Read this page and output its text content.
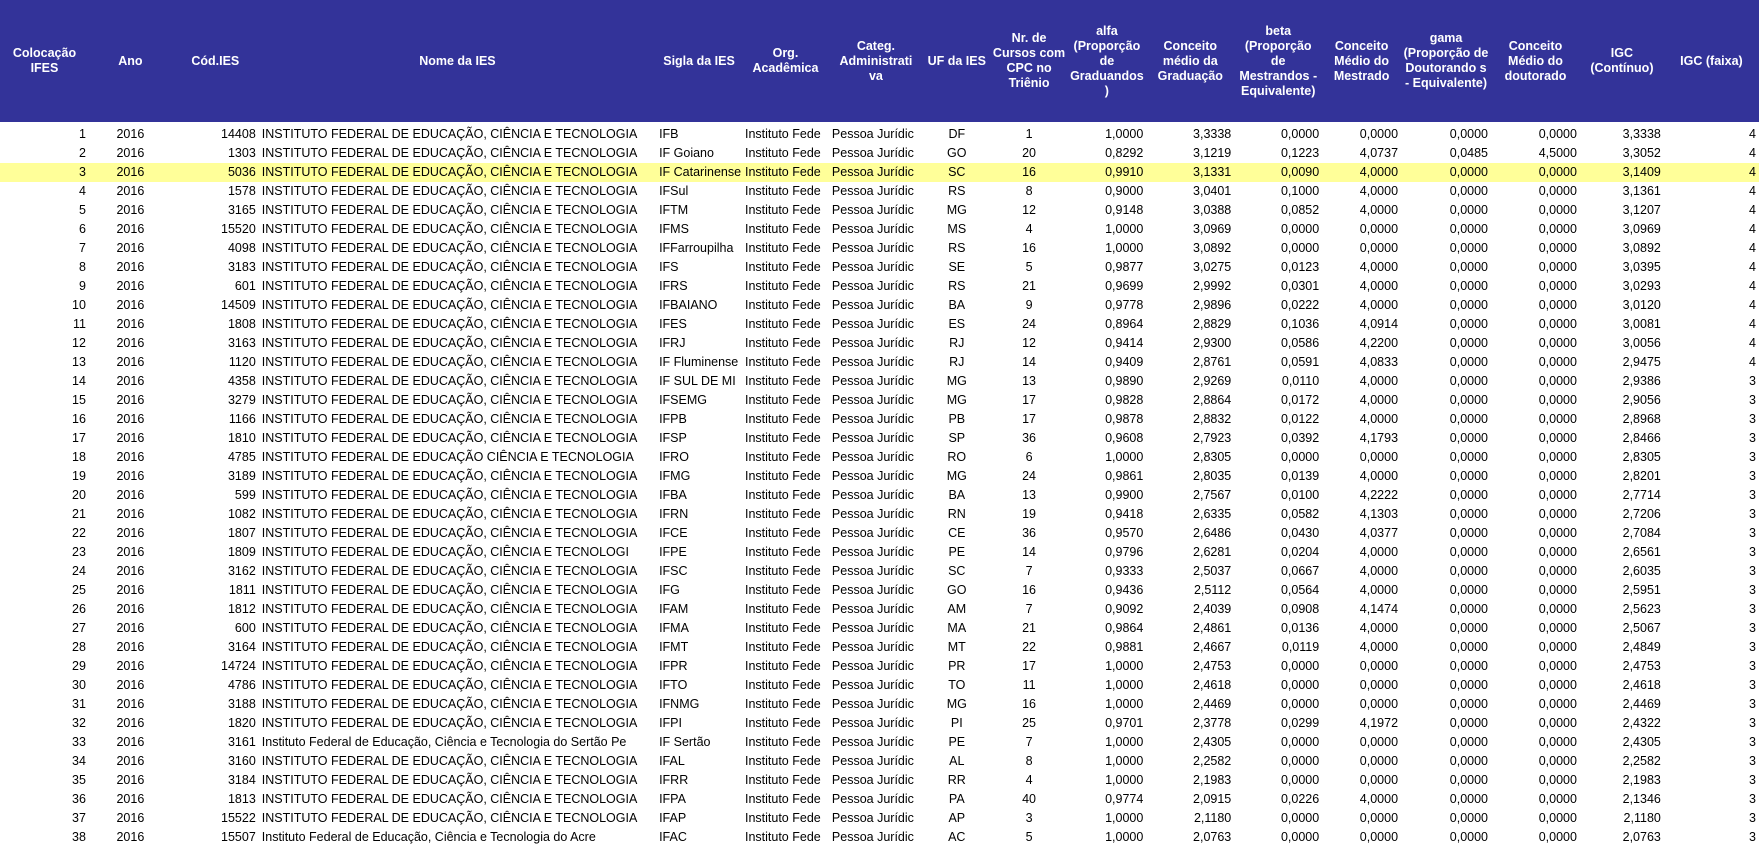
Colocação IFES	Ano	Cód.IES	Nome da IES	Sigla da IES	Org. Acadêmica	Categ. Administrati va	UF da IES	Nr. de Cursos com CPC no Triênio	alfa (Proporção de Graduandos )	Conceito médio da Graduação	beta (Proporção de Mestrandos - Equivalente)	Conceito Médio do Mestrado	gama (Proporção de Doutorando s - Equivalente)	Conceito Médio do doutorado	IGC (Contínuo)	IGC (faixa)

1	2016	14408	INSTITUTO FEDERAL DE EDUCAÇÃO, CIÊNCIA E TECNOLOGIA	IFB	Instituto Fede	Pessoa Jurídic	DF	1	1,0000	3,3338	0,0000	0,0000	0,0000	0,0000	3,3338	4
2	2016	1303	INSTITUTO FEDERAL DE EDUCAÇÃO, CIÊNCIA E TECNOLOGIA	IF Goiano	Instituto Fede	Pessoa Jurídic	GO	20	0,8292	3,1219	0,1223	4,0737	0,0485	4,5000	3,3052	4
3	2016	5036	INSTITUTO FEDERAL DE EDUCAÇÃO, CIÊNCIA E TECNOLOGIA	IF Catarinense	Instituto Fede	Pessoa Jurídic	SC	16	0,9910	3,1331	0,0090	4,0000	0,0000	0,0000	3,1409	4
4	2016	1578	INSTITUTO FEDERAL DE EDUCAÇÃO, CIÊNCIA E TECNOLOGIA	IFSul	Instituto Fede	Pessoa Jurídic	RS	8	0,9000	3,0401	0,1000	4,0000	0,0000	0,0000	3,1361	4
5	2016	3165	INSTITUTO FEDERAL DE EDUCAÇÃO, CIÊNCIA E TECNOLOGIA	IFTM	Instituto Fede	Pessoa Jurídic	MG	12	0,9148	3,0388	0,0852	4,0000	0,0000	0,0000	3,1207	4
6	2016	15520	INSTITUTO FEDERAL DE EDUCAÇÃO, CIÊNCIA E TECNOLOGIA	IFMS	Instituto Fede	Pessoa Jurídic	MS	4	1,0000	3,0969	0,0000	0,0000	0,0000	0,0000	3,0969	4
7	2016	4098	INSTITUTO FEDERAL DE EDUCAÇÃO, CIÊNCIA E TECNOLOGIA	IFFarroupilha	Instituto Fede	Pessoa Jurídic	RS	16	1,0000	3,0892	0,0000	0,0000	0,0000	0,0000	3,0892	4
8	2016	3183	INSTITUTO FEDERAL DE EDUCAÇÃO, CIÊNCIA E TECNOLOGIA	IFS	Instituto Fede	Pessoa Jurídic	SE	5	0,9877	3,0275	0,0123	4,0000	0,0000	0,0000	3,0395	4
9	2016	601	INSTITUTO FEDERAL DE EDUCAÇÃO, CIÊNCIA E TECNOLOGIA	IFRS	Instituto Fede	Pessoa Jurídic	RS	21	0,9699	2,9992	0,0301	4,0000	0,0000	0,0000	3,0293	4
10	2016	14509	INSTITUTO FEDERAL DE EDUCAÇÃO, CIÊNCIA E TECNOLOGIA	IFBAIANO	Instituto Fede	Pessoa Jurídic	BA	9	0,9778	2,9896	0,0222	4,0000	0,0000	0,0000	3,0120	4
11	2016	1808	INSTITUTO FEDERAL DE EDUCAÇÃO, CIÊNCIA E TECNOLOGIA	IFES	Instituto Fede	Pessoa Jurídic	ES	24	0,8964	2,8829	0,1036	4,0914	0,0000	0,0000	3,0081	4
12	2016	3163	INSTITUTO FEDERAL DE EDUCAÇÃO, CIÊNCIA E TECNOLOGIA	IFRJ	Instituto Fede	Pessoa Jurídic	RJ	12	0,9414	2,9300	0,0586	4,2200	0,0000	0,0000	3,0056	4
13	2016	1120	INSTITUTO FEDERAL DE EDUCAÇÃO, CIÊNCIA E TECNOLOGIA	IF Fluminense	Instituto Fede	Pessoa Jurídic	RJ	14	0,9409	2,8761	0,0591	4,0833	0,0000	0,0000	2,9475	4
14	2016	4358	INSTITUTO FEDERAL DE EDUCAÇÃO, CIÊNCIA E TECNOLOGIA	IF SUL DE MI	Instituto Fede	Pessoa Jurídic	MG	13	0,9890	2,9269	0,0110	4,0000	0,0000	0,0000	2,9386	3
15	2016	3279	INSTITUTO FEDERAL DE EDUCAÇÃO, CIÊNCIA E TECNOLOGIA	IFSEMG	Instituto Fede	Pessoa Jurídic	MG	17	0,9828	2,8864	0,0172	4,0000	0,0000	0,0000	2,9056	3
16	2016	1166	INSTITUTO FEDERAL DE EDUCAÇÃO, CIÊNCIA E TECNOLOGIA	IFPB	Instituto Fede	Pessoa Jurídic	PB	17	0,9878	2,8832	0,0122	4,0000	0,0000	0,0000	2,8968	3
17	2016	1810	INSTITUTO FEDERAL DE EDUCAÇÃO, CIÊNCIA E TECNOLOGIA	IFSP	Instituto Fede	Pessoa Jurídic	SP	36	0,9608	2,7923	0,0392	4,1793	0,0000	0,0000	2,8466	3
18	2016	4785	INSTITUTO FEDERAL DE EDUCAÇÃO CIÊNCIA E TECNOLOGIA	IFRO	Instituto Fede	Pessoa Jurídic	RO	6	1,0000	2,8305	0,0000	0,0000	0,0000	0,0000	2,8305	3
19	2016	3189	INSTITUTO FEDERAL DE EDUCAÇÃO, CIÊNCIA E TECNOLOGIA	IFMG	Instituto Fede	Pessoa Jurídic	MG	24	0,9861	2,8035	0,0139	4,0000	0,0000	0,0000	2,8201	3
20	2016	599	INSTITUTO FEDERAL DE EDUCAÇÃO, CIÊNCIA E TECNOLOGIA	IFBA	Instituto Fede	Pessoa Jurídic	BA	13	0,9900	2,7567	0,0100	4,2222	0,0000	0,0000	2,7714	3
21	2016	1082	INSTITUTO FEDERAL DE EDUCAÇÃO, CIÊNCIA E TECNOLOGIA	IFRN	Instituto Fede	Pessoa Jurídic	RN	19	0,9418	2,6335	0,0582	4,1303	0,0000	0,0000	2,7206	3
22	2016	1807	INSTITUTO FEDERAL DE EDUCAÇÃO, CIÊNCIA E TECNOLOGIA	IFCE	Instituto Fede	Pessoa Jurídic	CE	36	0,9570	2,6486	0,0430	4,0377	0,0000	0,0000	2,7084	3
23	2016	1809	INSTITUTO FEDERAL DE EDUCAÇÃO, CIÊNCIA E TECNOLOGI	IFPE	Instituto Fede	Pessoa Jurídic	PE	14	0,9796	2,6281	0,0204	4,0000	0,0000	0,0000	2,6561	3
24	2016	3162	INSTITUTO FEDERAL DE EDUCAÇÃO, CIÊNCIA E TECNOLOGIA	IFSC	Instituto Fede	Pessoa Jurídic	SC	7	0,9333	2,5037	0,0667	4,0000	0,0000	0,0000	2,6035	3
25	2016	1811	INSTITUTO FEDERAL DE EDUCAÇÃO, CIÊNCIA E TECNOLOGIA	IFG	Instituto Fede	Pessoa Jurídic	GO	16	0,9436	2,5112	0,0564	4,0000	0,0000	0,0000	2,5951	3
26	2016	1812	INSTITUTO FEDERAL DE EDUCAÇÃO, CIÊNCIA E TECNOLOGIA	IFAM	Instituto Fede	Pessoa Jurídic	AM	7	0,9092	2,4039	0,0908	4,1474	0,0000	0,0000	2,5623	3
27	2016	600	INSTITUTO FEDERAL DE EDUCAÇÃO, CIÊNCIA E TECNOLOGIA	IFMA	Instituto Fede	Pessoa Jurídic	MA	21	0,9864	2,4861	0,0136	4,0000	0,0000	0,0000	2,5067	3
28	2016	3164	INSTITUTO FEDERAL DE EDUCAÇÃO, CIÊNCIA E TECNOLOGIA	IFMT	Instituto Fede	Pessoa Jurídic	MT	22	0,9881	2,4667	0,0119	4,0000	0,0000	0,0000	2,4849	3
29	2016	14724	INSTITUTO FEDERAL DE EDUCAÇÃO, CIÊNCIA E TECNOLOGIA	IFPR	Instituto Fede	Pessoa Jurídic	PR	17	1,0000	2,4753	0,0000	0,0000	0,0000	0,0000	2,4753	3
30	2016	4786	INSTITUTO FEDERAL DE EDUCAÇÃO, CIÊNCIA E TECNOLOGIA	IFTO	Instituto Fede	Pessoa Jurídic	TO	11	1,0000	2,4618	0,0000	0,0000	0,0000	0,0000	2,4618	3
31	2016	3188	INSTITUTO FEDERAL DE EDUCAÇÃO, CIÊNCIA E TECNOLOGIA	IFNMG	Instituto Fede	Pessoa Jurídic	MG	16	1,0000	2,4469	0,0000	0,0000	0,0000	0,0000	2,4469	3
32	2016	1820	INSTITUTO FEDERAL DE EDUCAÇÃO, CIÊNCIA E TECNOLOGIA	IFPI	Instituto Fede	Pessoa Jurídic	PI	25	0,9701	2,3778	0,0299	4,1972	0,0000	0,0000	2,4322	3
33	2016	3161	Instituto Federal de Educação, Ciência e Tecnologia do Sertão Pe	IF Sertão	Instituto Fede	Pessoa Jurídic	PE	7	1,0000	2,4305	0,0000	0,0000	0,0000	0,0000	2,4305	3
34	2016	3160	INSTITUTO FEDERAL DE EDUCAÇÃO, CIÊNCIA E TECNOLOGIA	IFAL	Instituto Fede	Pessoa Jurídic	AL	8	1,0000	2,2582	0,0000	0,0000	0,0000	0,0000	2,2582	3
35	2016	3184	INSTITUTO FEDERAL DE EDUCAÇÃO, CIÊNCIA E TECNOLOGIA	IFRR	Instituto Fede	Pessoa Jurídic	RR	4	1,0000	2,1983	0,0000	0,0000	0,0000	0,0000	2,1983	3
36	2016	1813	INSTITUTO FEDERAL DE EDUCAÇÃO, CIÊNCIA E TECNOLOGIA	IFPA	Instituto Fede	Pessoa Jurídic	PA	40	0,9774	2,0915	0,0226	4,0000	0,0000	0,0000	2,1346	3
37	2016	15522	INSTITUTO FEDERAL DE EDUCAÇÃO, CIÊNCIA E TECNOLOGIA	IFAP	Instituto Fede	Pessoa Jurídic	AP	3	1,0000	2,1180	0,0000	0,0000	0,0000	0,0000	2,1180	3
38	2016	15507	Instituto Federal de Educação, Ciência e Tecnologia do Acre	IFAC	Instituto Fede	Pessoa Jurídic	AC	5	1,0000	2,0763	0,0000	0,0000	0,0000	0,0000	2,0763	3
